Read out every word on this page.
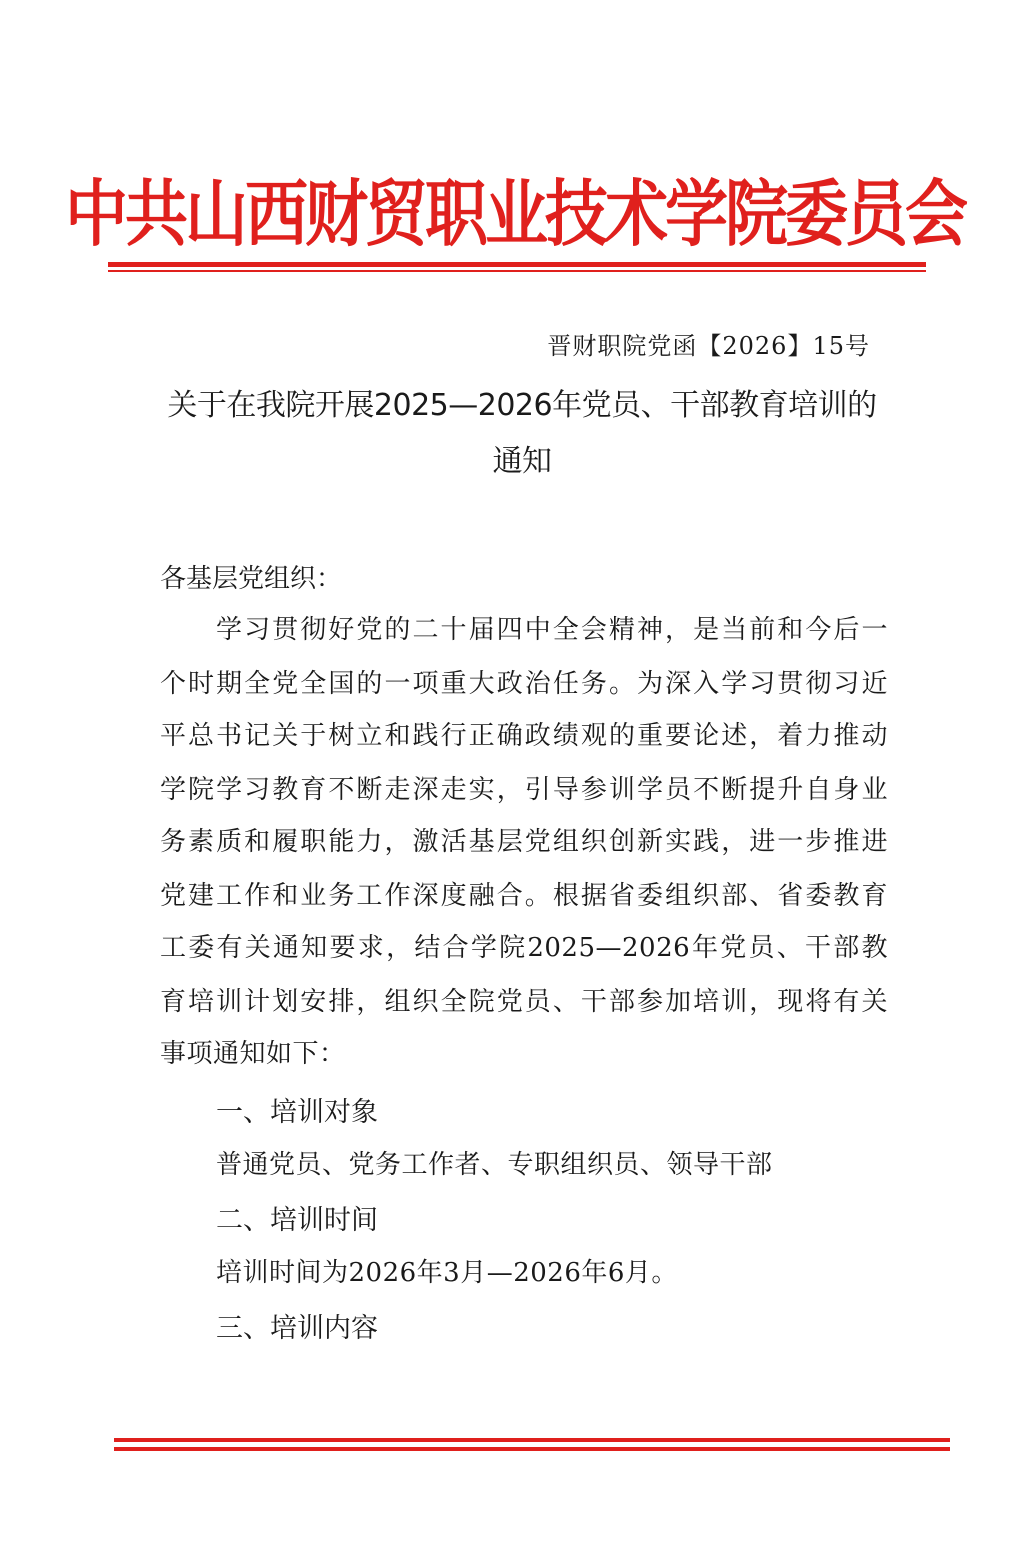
中共山西财贸职业技术学院委员会
晋财职院党函【2026】15号
关于在我院开展2025—2026年党员、干部教育培训的
通知
各基层党组织：
学习贯彻好党的二十届四中全会精神，是当前和今后一
个时期全党全国的一项重大政治任务。为深入学习贯彻习近
平总书记关于树立和践行正确政绩观的重要论述，着力推动
学院学习教育不断走深走实，引导参训学员不断提升自身业
务素质和履职能力，激活基层党组织创新实践，进一步推进
党建工作和业务工作深度融合。根据省委组织部、省委教育
工委有关通知要求，结合学院2025—2026年党员、干部教
育培训计划安排，组织全院党员、干部参加培训，现将有关
事项通知如下：
一、培训对象
普通党员、党务工作者、专职组织员、领导干部
二、培训时间
培训时间为2026年3月—2026年6月。
三、培训内容
